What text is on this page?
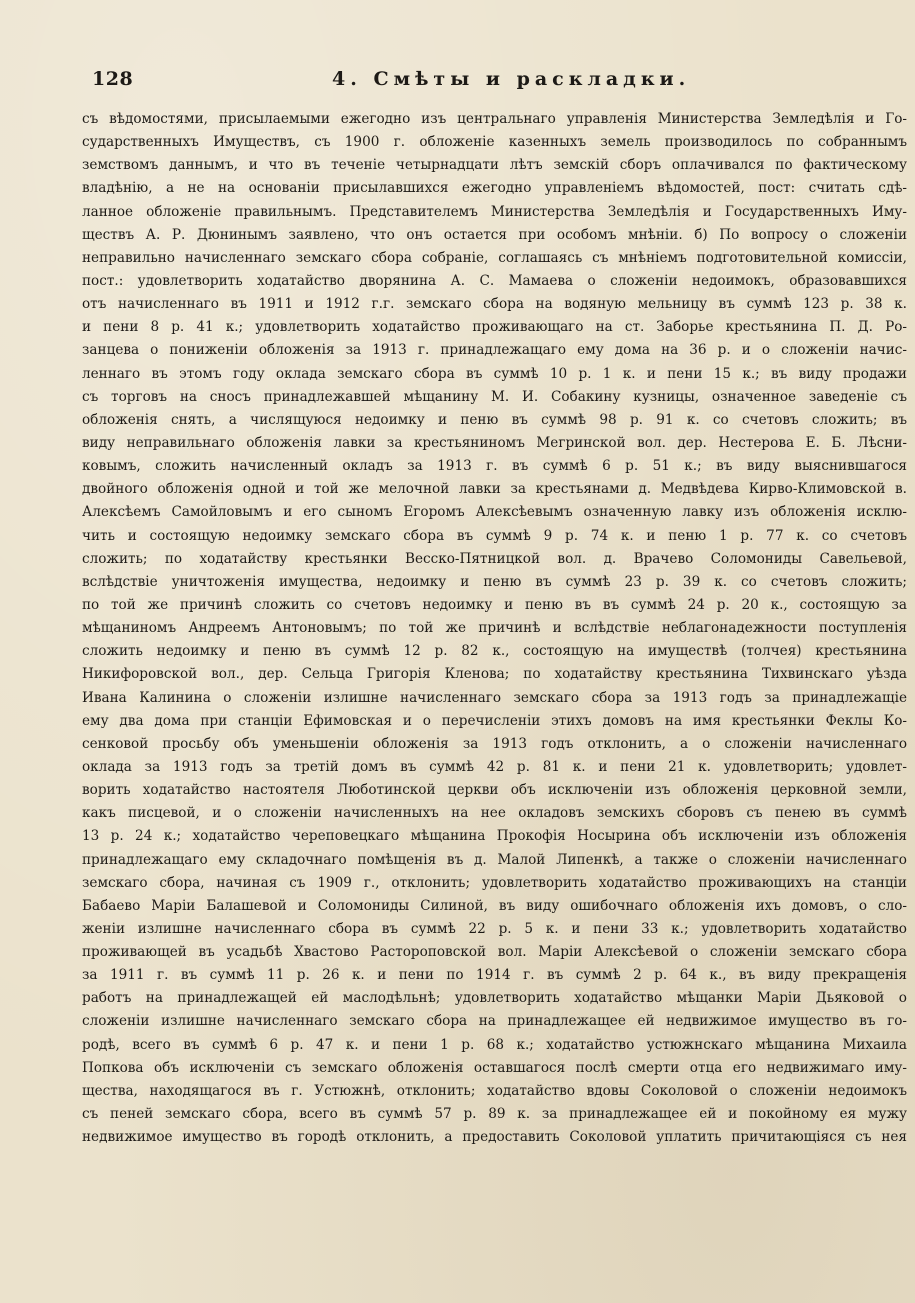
128	4. Смѣты и раскладки.
съ вѣдомостями, присылаемыми ежегодно изъ центральнаго управленія Министерства Земледѣлія и Го-
сударственныхъ Имуществъ, съ 1900 г. обложеніе казенныхъ земель производилось по собраннымъ
земствомъ даннымъ, и что въ теченіе четырнадцати лѣтъ земскій сборъ оплачивался по фактическому
владѣнію, а не на основаніи присылавшихся ежегодно управленіемъ вѣдомостей, пост: считать сдѣ-
ланное обложеніе правильнымъ. Представителемъ Министерства Земледѣлія и Государственныхъ Иму-
ществъ А. Р. Дюнинымъ заявлено, что онъ остается при особомъ мнѣніи. б) По вопросу о сложеніи
неправильно начисленнаго земскаго сбора собраніе, соглашаясь съ мнѣніемъ подготовительной комиссіи,
пост.: удовлетворить ходатайство дворянина А. С. Мамаева о сложеніи недоимокъ, образовавшихся
отъ начисленнаго въ 1911 и 1912 г.г. земскаго сбора на водяную мельницу въ суммѣ 123 р. 38 к.
и пени 8 р. 41 к.; удовлетворить ходатайство проживающаго на ст. Заборье крестьянина П. Д. Ро-
занцева о пониженіи обложенія за 1913 г. принадлежащаго ему дома на 36 р. и о сложеніи начис-
леннаго въ этомъ году оклада земскаго сбора въ суммѣ 10 р. 1 к. и пени 15 к.; въ виду продажи
съ торговъ на сносъ принадлежавшей мѣщанину М. И. Собакину кузницы, означенное заведеніе съ
обложенія снять, а числящуюся недоимку и пеню въ суммѣ 98 р. 91 к. со счетовъ сложить; въ
виду неправильнаго обложенія лавки за крестьяниномъ Мегринской вол. дер. Нестерова Е. Б. Лѣсни-
ковымъ, сложить начисленный окладъ за 1913 г. въ суммѣ 6 р. 51 к.; въ виду выяснившагося
двойного обложенія одной и той же мелочной лавки за крестьянами д. Медвѣдева Кирво-Климовской в.
Алексѣемъ Самойловымъ и его сыномъ Егоромъ Алексѣевымъ означенную лавку изъ обложенія исклю-
чить и состоящую недоимку земскаго сбора въ суммѣ 9 р. 74 к. и пеню 1 р. 77 к. со счетовъ
сложить; по ходатайству крестьянки Весско-Пятницкой вол. д. Врачево Соломониды Савельевой,
вслѣдствіе уничтоженія имущества, недоимку и пеню въ суммѣ 23 р. 39 к. со счетовъ сложить;
по той же причинѣ сложить со счетовъ недоимку и пеню въ въ суммѣ 24 р. 20 к., состоящую за
мѣщаниномъ Андреемъ Антоновымъ; по той же причинѣ и вслѣдствіе неблагонадежности поступленія
сложить недоимку и пеню въ суммѣ 12 р. 82 к., состоящую на имуществѣ (толчея) крестьянина
Никифоровской вол., дер. Сельца Григорія Кленова; по ходатайству крестьянина Тихвинскаго уѣзда
Ивана Калинина о сложеніи излишне начисленнаго земскаго сбора за 1913 годъ за принадлежащіе
ему два дома при станціи Ефимовская и о перечисленіи этихъ домовъ на имя крестьянки Феклы Ко-
сенковой просьбу объ уменьшеніи обложенія за 1913 годъ отклонить, а о сложеніи начисленнаго
оклада за 1913 годъ за третій домъ въ суммѣ 42 р. 81 к. и пени 21 к. удовлетворить; удовлет-
ворить ходатайство настоятеля Люботинской церкви объ исключеніи изъ обложенія церковной земли,
какъ писцевой, и о сложеніи начисленныхъ на нее окладовъ земскихъ сборовъ съ пенею въ суммѣ
13 р. 24 к.; ходатайство череповецкаго мѣщанина Прокофія Носырина объ исключеніи изъ обложенія
принадлежащаго ему складочнаго помѣщенія въ д. Малой Липенкѣ, а также о сложеніи начисленнаго
земскаго сбора, начиная съ 1909 г., отклонить; удовлетворить ходатайство проживающихъ на станціи
Бабаево Маріи Балашевой и Соломониды Силиной, въ виду ошибочнаго обложенія ихъ домовъ, о сло-
женіи излишне начисленнаго сбора въ суммѣ 22 р. 5 к. и пени 33 к.; удовлетворить ходатайство
проживающей въ усадьбѣ Хвастово Растороповской вол. Маріи Алексѣевой о сложеніи земскаго сбора
за 1911 г. въ суммѣ 11 р. 26 к. и пени по 1914 г. въ суммѣ 2 р. 64 к., въ виду прекращенія
работъ на принадлежащей ей маслодѣльнѣ; удовлетворить ходатайство мѣщанки Маріи Дьяковой о
сложеніи излишне начисленнаго земскаго сбора на принадлежащее ей недвижимое имущество въ го-
родѣ, всего въ суммѣ 6 р. 47 к. и пени 1 р. 68 к.; ходатайство устюжнскаго мѣщанина Михаила
Попкова объ исключеніи съ земскаго обложенія оставшагося послѣ смерти отца его недвижимаго иму-
щества, находящагося въ г. Устюжнѣ, отклонить; ходатайство вдовы Соколовой о сложеніи недоимокъ
съ пеней земскаго сбора, всего въ суммѣ 57 р. 89 к. за принадлежащее ей и покойному ея мужу
недвижимое имущество въ городѣ отклонить, а предоставить Соколовой уплатить причитающіяся съ нея
